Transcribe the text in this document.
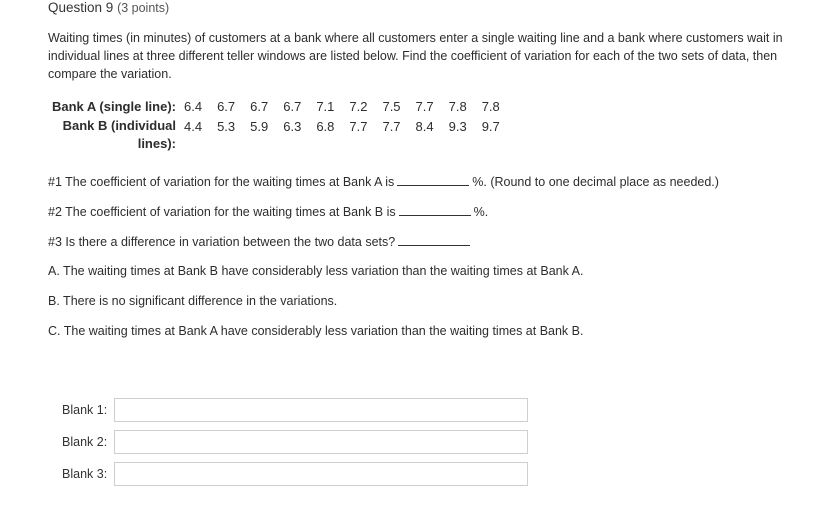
Question 9 (3 points)
Waiting times (in minutes) of customers at a bank where all customers enter a single waiting line and a bank where customers wait in individual lines at three different teller windows are listed below. Find the coefficient of variation for each of the two sets of data, then compare the variation.
Bank A (single line):	6.4	6.7	6.7	6.7	7.1	7.2	7.5	7.7	7.8	7.8
Bank B (individual
lines):	4.4	5.3	5.9	6.3	6.8	7.7	7.7	8.4	9.3	9.7
#1 The coefficient of variation for the waiting times at Bank A is	%. (Round to one decimal place as needed.)
#2 The coefficient of variation for the waiting times at Bank B is	%.
#3 Is there a difference in variation between the two data sets?
A. The waiting times at Bank B have considerably less variation than the waiting times at Bank A.
B. There is no significant difference in the variations.
C. The waiting times at Bank A have considerably less variation than the waiting times at Bank B.
Blank 1:
Blank 2:
Blank 3:
